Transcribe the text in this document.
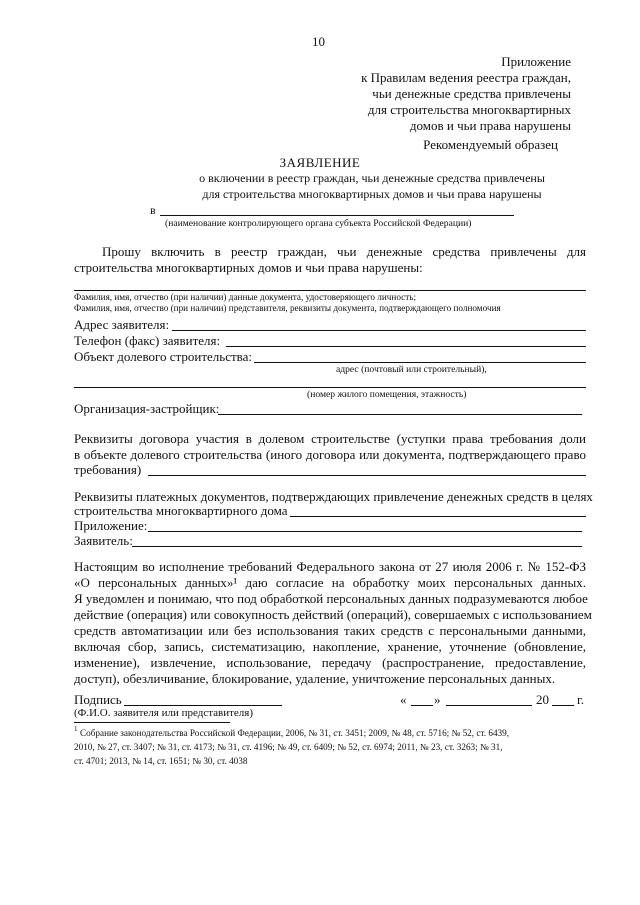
10
Приложение
к Правилам ведения реестра граждан,
чьи денежные средства привлечены
для строительства многоквартирных
домов и чьи права нарушены
Рекомендуемый образец
ЗАЯВЛЕНИЕ
о включении в реестр граждан, чьи денежные средства привлечены
для строительства многоквартирных домов и чьи права нарушены
в
(наименование контролирующего органа субъекта Российской Федерации)
Прошу включить в реестр граждан, чьи денежные средства привлечены для
строительства многоквартирных домов и чьи права нарушены:
Фамилия, имя, отчество (при наличии) данные документа, удостоверяющего личность;
Фамилия, имя, отчество (при наличии) представителя, реквизиты документа, подтверждающего полномочия
Адрес заявителя:
Телефон (факс) заявителя:
Объект долевого строительства:
адрес (почтовый или строительный),
(номер жилого помещения, этажность)
Организация-застройщик:
Реквизиты договора участия в долевом строительстве (уступки права требования доли
в объекте долевого строительства (иного договора или документа, подтверждающего право
требования)
Реквизиты платежных документов, подтверждающих привлечение денежных средств в целях
строительства многоквартирного дома
Приложение:
Заявитель:
Настоящим во исполнение требований Федерального закона от 27 июля 2006 г. № 152-ФЗ
«О персональных данных»¹ даю согласие на обработку моих персональных данных.
Я уведомлен и понимаю, что под обработкой персональных данных подразумеваются любое
действие (операция) или совокупность действий (операций), совершаемых с использованием
средств автоматизации или без использования таких средств с персональными данными,
включая сбор, запись, систематизацию, накопление, хранение, уточнение (обновление,
изменение), извлечение, использование, передачу (распространение, предоставление,
доступ), обезличивание, блокирование, удаление, уничтожение персональных данных.
Подпись	« »	20 г.
(Ф.И.О. заявителя или представителя)
1 Собрание законодательства Российской Федерации, 2006, № 31, ст. 3451; 2009, № 48, ст. 5716; № 52, ст. 6439,
2010, № 27, ст. 3407; № 31, ст. 4173; № 31, ст. 4196; № 49, ст. 6409; № 52, ст. 6974; 2011, № 23, ст. 3263; № 31,
ст. 4701; 2013, № 14, ст. 1651; № 30, ст. 4038
